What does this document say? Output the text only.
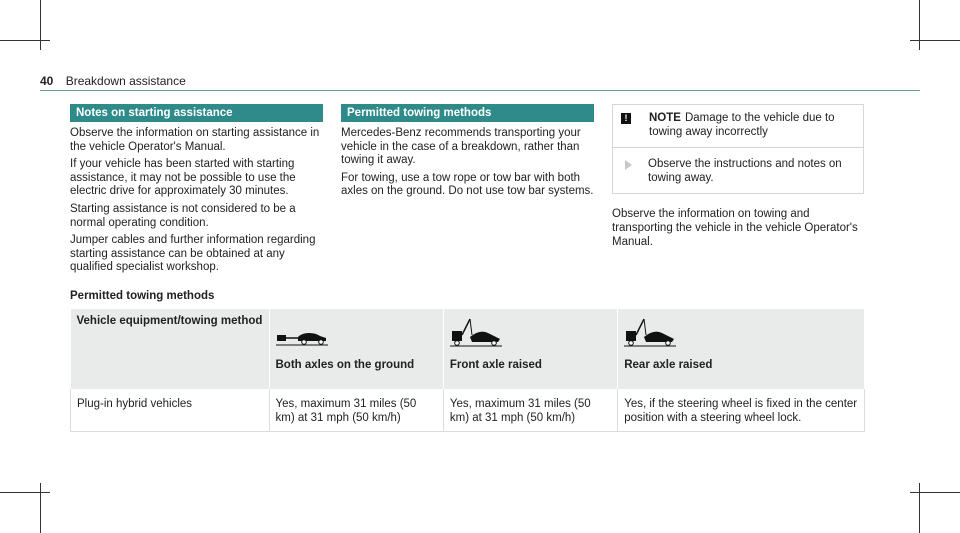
40 Breakdown assistance
Notes on starting assistance

Observe the information on starting assistance in the vehicle Operator's Manual.

If your vehicle has been started with starting assistance, it may not be possible to use the electric drive for approximately 30 minutes.

Starting assistance is not considered to be a normal operating condition.

Jumper cables and further information regarding starting assistance can be obtained at any qualified specialist workshop.

Permitted towing methods

Mercedes-Benz recommends transporting your vehicle in the case of a breakdown, rather than towing it away.

For towing, use a tow rope or tow bar with both axles on the ground. Do not use tow bar systems.

!	NOTE Damage to the vehicle due to towing away incorrectly
Observe the instructions and notes on towing away.

Observe the information on towing and transporting the vehicle in the vehicle Operator's Manual.

Permitted towing methods
Vehicle equipment/towing method	Both axles on the ground	Front axle raised	Rear axle raised

Plug-in hybrid vehicles	Yes, maximum 31 miles (50 km) at 31 mph (50 km/h)	Yes, maximum 31 miles (50 km) at 31 mph (50 km/h)	Yes, if the steering wheel is fixed in the center position with a steering wheel lock.
